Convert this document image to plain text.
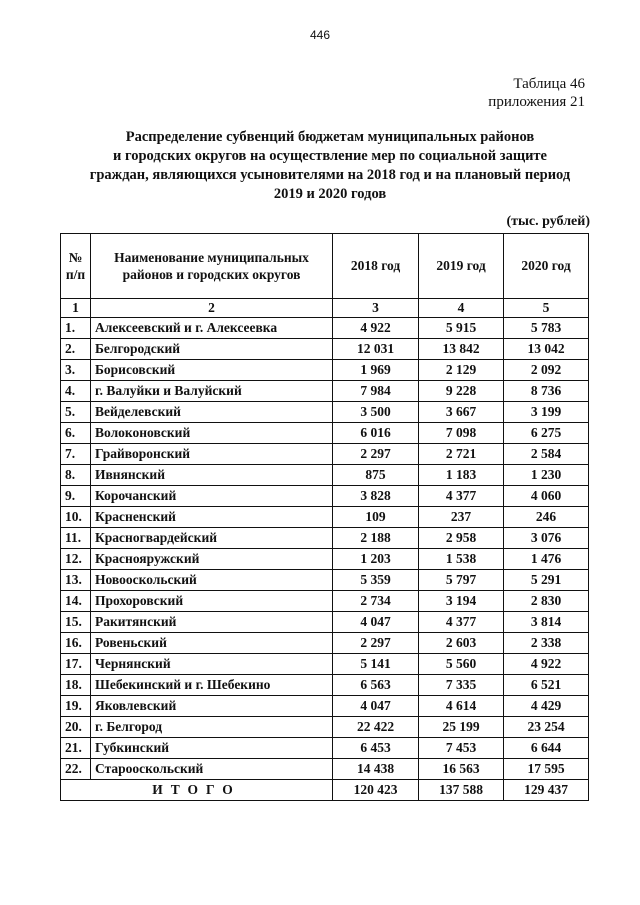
446
Таблица 46
приложения 21
Распределение субвенций бюджетам муниципальных районов
и городских округов на осуществление мер по социальной защите
граждан, являющихся усыновителями на 2018 год и на плановый период
2019 и 2020 годов
(тыс. рублей)
№
п/п	Наименование муниципальных районов и городских округов	2018 год	2019 год	2020 год
1	2	3	4	5
1.	Алексеевский и г. Алексеевка	4 922	5 915	5 783
2.	Белгородский	12 031	13 842	13 042
3.	Борисовский	1 969	2 129	2 092
4.	г. Валуйки и Валуйский	7 984	9 228	8 736
5.	Вейделевский	3 500	3 667	3 199
6.	Волоконовский	6 016	7 098	6 275
7.	Грайворонский	2 297	2 721	2 584
8.	Ивнянский	875	1 183	1 230
9.	Корочанский	3 828	4 377	4 060
10.	Красненский	109	237	246
11.	Красногвардейский	2 188	2 958	3 076
12.	Краснояружский	1 203	1 538	1 476
13.	Новооскольский	5 359	5 797	5 291
14.	Прохоровский	2 734	3 194	2 830
15.	Ракитянский	4 047	4 377	3 814
16.	Ровеньский	2 297	2 603	2 338
17.	Чернянский	5 141	5 560	4 922
18.	Шебекинский и г. Шебекино	6 563	7 335	6 521
19.	Яковлевский	4 047	4 614	4 429
20.	г. Белгород	22 422	25 199	23 254
21.	Губкинский	6 453	7 453	6 644
22.	Старооскольский	14 438	16 563	17 595
ИТОГО		120 423	137 588	129 437
